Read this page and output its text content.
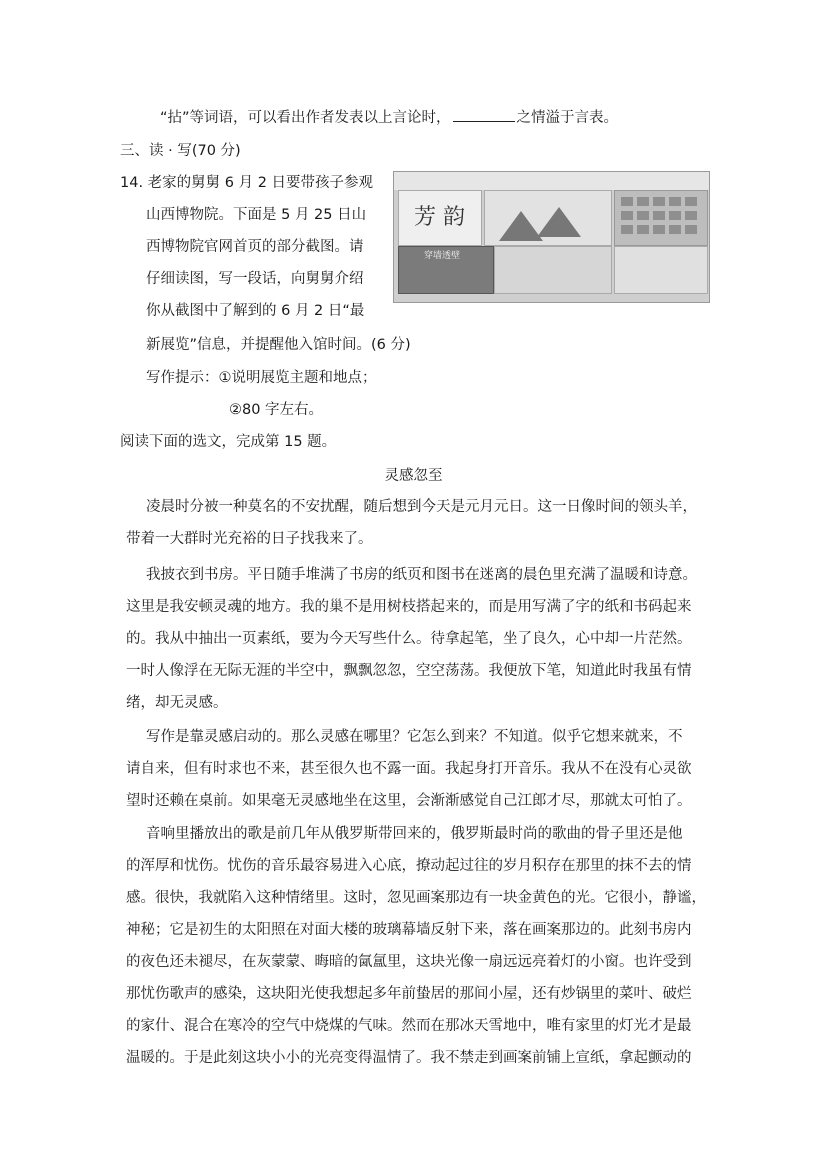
“拈”等词语，可以看出作者发表以上言论时，	之情溢于言表。
三、读 · 写(70 分)
14. 老家的舅舅 6 月 2 日要带孩子参观
山西博物院。下面是 5 月 25 日山
西博物院官网首页的部分截图。请
仔细读图，写一段话，向舅舅介绍
你从截图中了解到的 6 月 2 日“最
新展览”信息，并提醒他入馆时间。(6 分)
写作提示：①说明展览主题和地点；
②80 字左右。
阅读下面的选文，完成第 15 题。
芳 韵
穿墙透壁
灵感忽至
凌晨时分被一种莫名的不安扰醒，随后想到今天是元月元日。这一日像时间的领头羊，
带着一大群时光充裕的日子找我来了。
我披衣到书房。平日随手堆满了书房的纸页和图书在迷离的晨色里充满了温暖和诗意。
这里是我安顿灵魂的地方。我的巢不是用树枝搭起来的，而是用写满了字的纸和书码起来
的。我从中抽出一页素纸，要为今天写些什么。待拿起笔，坐了良久，心中却一片茫然。
一时人像浮在无际无涯的半空中，飘飘忽忽，空空荡荡。我便放下笔，知道此时我虽有情
绪，却无灵感。
写作是靠灵感启动的。那么灵感在哪里？它怎么到来？不知道。似乎它想来就来，不
请自来，但有时求也不来，甚至很久也不露一面。我起身打开音乐。我从不在没有心灵欲
望时还赖在桌前。如果毫无灵感地坐在这里，会渐渐感觉自己江郎才尽，那就太可怕了。
音响里播放出的歌是前几年从俄罗斯带回来的，俄罗斯最时尚的歌曲的骨子里还是他
的浑厚和忧伤。忧伤的音乐最容易进入心底，撩动起过往的岁月积存在那里的抹不去的情
感。很快，我就陷入这种情绪里。这时，忽见画案那边有一块金黄色的光。它很小，静谧，
神秘；它是初生的太阳照在对面大楼的玻璃幕墙反射下来，落在画案那边的。此刻书房内
的夜色还未褪尽，在灰蒙蒙、晦暗的氤氲里，这块光像一扇远远亮着灯的小窗。也许受到
那忧伤歌声的感染，这块阳光使我想起多年前蛰居的那间小屋，还有炒锅里的菜叶、破烂
的家什、混合在寒冷的空气中烧煤的气味。然而在那冰天雪地中，唯有家里的灯光才是最
温暖的。于是此刻这块小小的光亮变得温情了。我不禁走到画案前铺上宣纸，拿起颤动的
